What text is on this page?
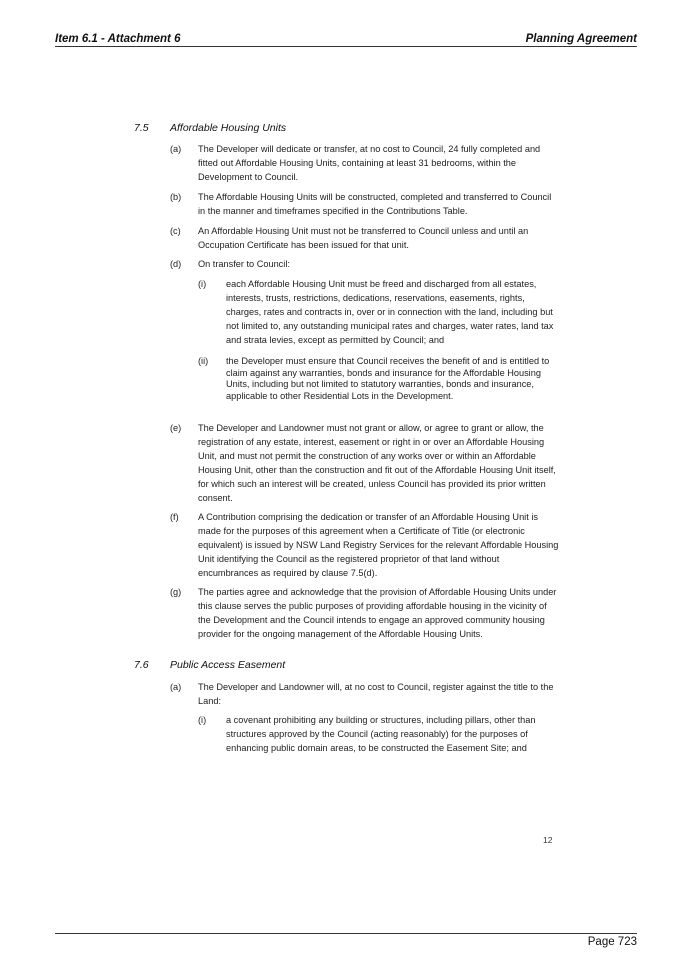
Item 6.1 - Attachment 6	Planning Agreement
7.5 Affordable Housing Units
(a) The Developer will dedicate or transfer, at no cost to Council, 24 fully completed and fitted out Affordable Housing Units, containing at least 31 bedrooms, within the Development to Council.
(b) The Affordable Housing Units will be constructed, completed and transferred to Council in the manner and timeframes specified in the Contributions Table.
(c) An Affordable Housing Unit must not be transferred to Council unless and until an Occupation Certificate has been issued for that unit.
(d) On transfer to Council:
(i) each Affordable Housing Unit must be freed and discharged from all estates, interests, trusts, restrictions, dedications, reservations, easements, rights, charges, rates and contracts in, over or in connection with the land, including but not limited to, any outstanding municipal rates and charges, water rates, land tax and strata levies, except as permitted by Council; and
(ii) the Developer must ensure that Council receives the benefit of and is entitled to claim against any warranties, bonds and insurance for the Affordable Housing Units, including but not limited to statutory warranties, bonds and insurance, applicable to other Residential Lots in the Development.
(e) The Developer and Landowner must not grant or allow, or agree to grant or allow, the registration of any estate, interest, easement or right in or over an Affordable Housing Unit, and must not permit the construction of any works over or within an Affordable Housing Unit, other than the construction and fit out of the Affordable Housing Unit itself, for which such an interest will be created, unless Council has provided its prior written consent.
(f) A Contribution comprising the dedication or transfer of an Affordable Housing Unit is made for the purposes of this agreement when a Certificate of Title (or electronic equivalent) is issued by NSW Land Registry Services for the relevant Affordable Housing Unit identifying the Council as the registered proprietor of that land without encumbrances as required by clause 7.5(d).
(g) The parties agree and acknowledge that the provision of Affordable Housing Units under this clause serves the public purposes of providing affordable housing in the vicinity of the Development and the Council intends to engage an approved community housing provider for the ongoing management of the Affordable Housing Units.
7.6 Public Access Easement
(a) The Developer and Landowner will, at no cost to Council, register against the title to the Land:
(i) a covenant prohibiting any building or structures, including pillars, other than structures approved by the Council (acting reasonably) for the purposes of enhancing public domain areas, to be constructed the Easement Site; and
12
Page 723
